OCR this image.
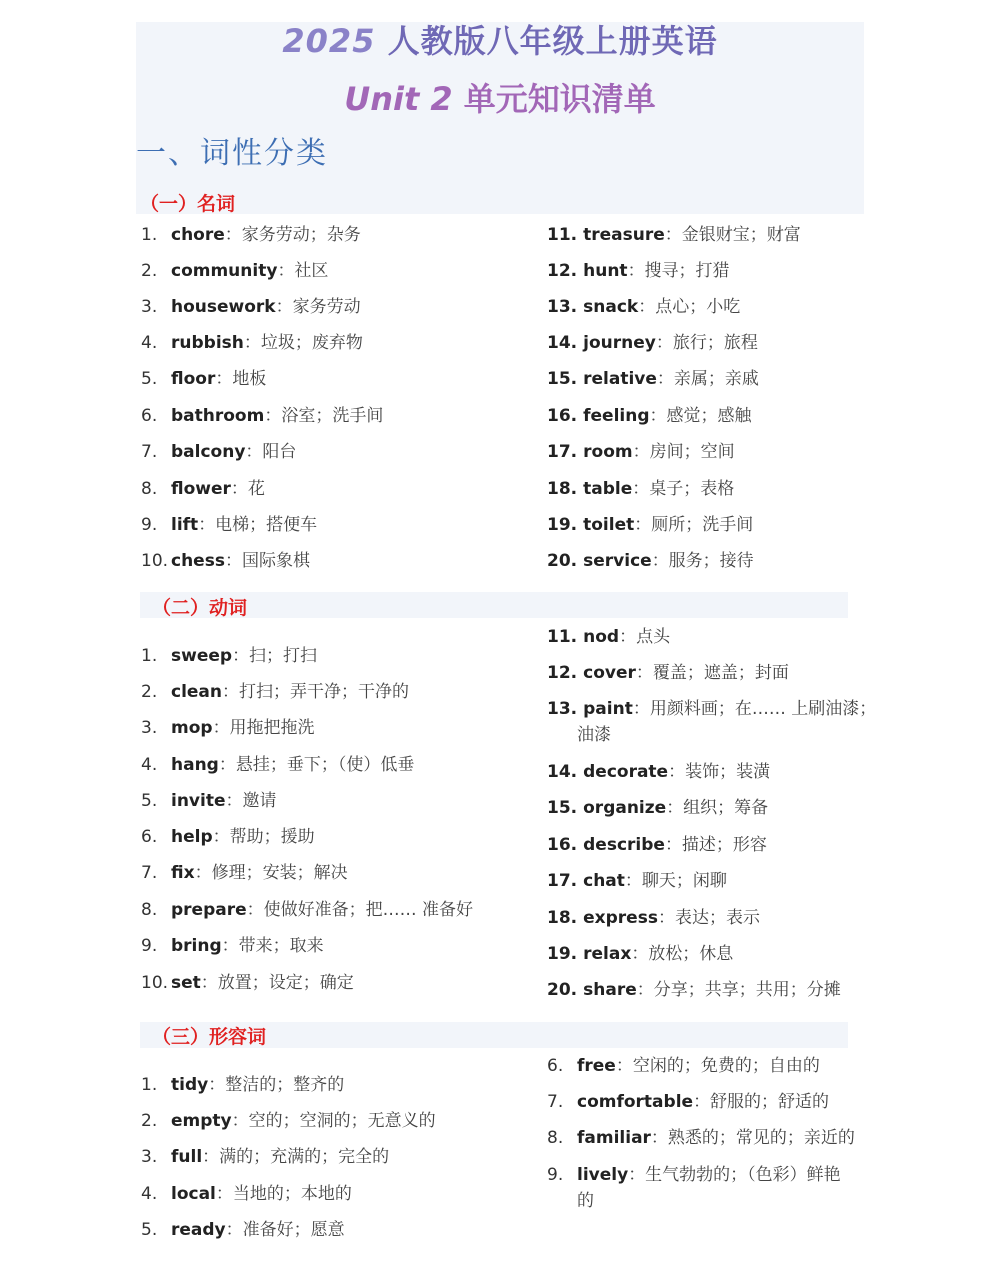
2025 人教版八年级上册英语
Unit 2 单元知识清单
一、词性分类
（一）名词
（二）动词
（三）形容词
1. chore：家务劳动；杂务
2. community：社区
3. housework：家务劳动
4. rubbish：垃圾；废弃物
5. floor：地板
6. bathroom：浴室；洗手间
7. balcony：阳台
8. flower：花
9. lift：电梯；搭便车
10. chess：国际象棋
11. treasure：金银财宝；财富
12. hunt：搜寻；打猎
13. snack：点心；小吃
14. journey：旅行；旅程
15. relative：亲属；亲戚
16. feeling：感觉；感触
17. room：房间；空间
18. table：桌子；表格
19. toilet：厕所；洗手间
20. service：服务；接待
1. sweep：扫；打扫
2. clean：打扫；弄干净；干净的
3. mop：用拖把拖洗
4. hang：悬挂；垂下；（使）低垂
5. invite：邀请
6. help：帮助；援助
7. fix：修理；安装；解决
8. prepare：使做好准备；把…… 准备好
9. bring：带来；取来
10. set：放置；设定；确定
11. nod：点头
12. cover：覆盖；遮盖；封面
13. paint：用颜料画；在…… 上刷油漆；
油漆
14. decorate：装饰；装潢
15. organize：组织；筹备
16. describe：描述；形容
17. chat：聊天；闲聊
18. express：表达；表示
19. relax：放松；休息
20. share：分享；共享；共用；分摊
1. tidy：整洁的；整齐的
2. empty：空的；空洞的；无意义的
3. full：满的；充满的；完全的
4. local：当地的；本地的
5. ready：准备好；愿意
6. free：空闲的；免费的；自由的
7. comfortable：舒服的；舒适的
8. familiar：熟悉的；常见的；亲近的
9. lively：生气勃勃的；（色彩）鲜艳
的
